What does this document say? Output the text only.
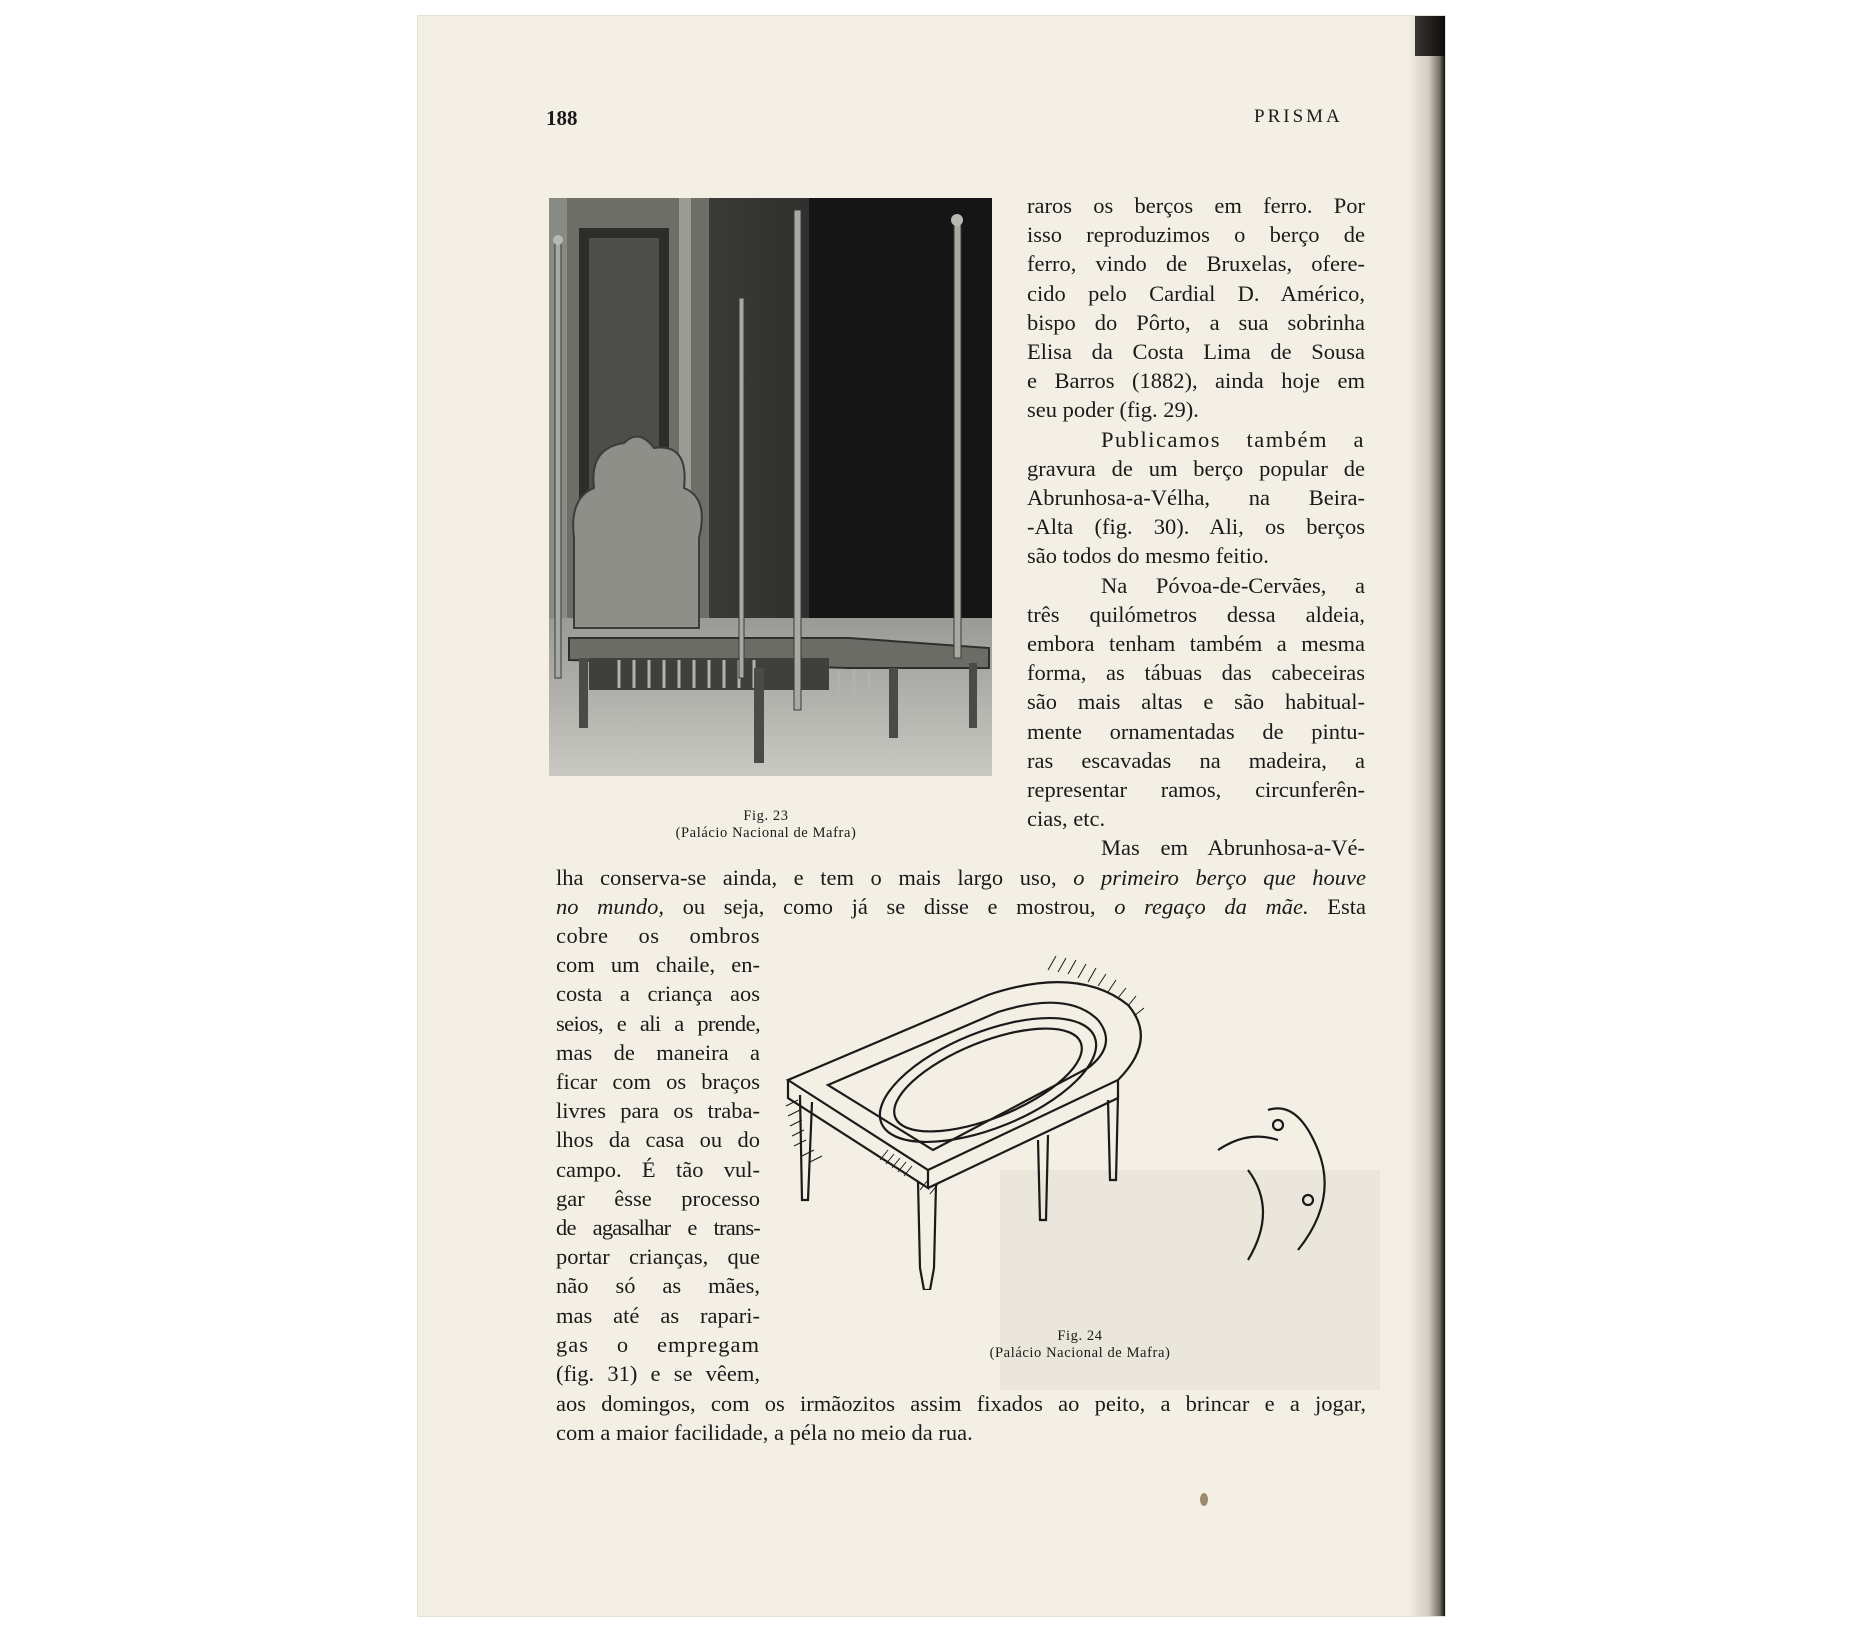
188	PRISMA
Fig. 23
(Palácio Nacional de Mafra)
raros os berços em ferro. Por
isso reproduzimos o berço de
ferro, vindo de Bruxelas, ofere-
cido pelo Cardial D. Américo,
bispo do Pôrto, a sua sobrinha
Elisa da Costa Lima de Sousa
e Barros (1882), ainda hoje em
seu poder (fig. 29).
Publicamos também a
gravura de um berço popular de
Abrunhosa-a-Vélha, na Beira-
-Alta (fig. 30). Ali, os berços
são todos do mesmo feitio.
Na Póvoa-de-Cervães, a
três quilómetros dessa aldeia,
embora tenham também a mesma
forma, as tábuas das cabeceiras
são mais altas e são habitual-
mente ornamentadas de pintu-
ras escavadas na madeira, a
representar ramos, circunferên-
cias, etc.
Mas em Abrunhosa-a-Vé-
lha conserva-se ainda, e tem o mais largo uso, o primeiro berço que houve
no mundo, ou seja, como já se disse e mostrou, o regaço da mãe. Esta
cobre os ombros
com um chaile, en-
costa a criança aos
seios, e ali a prende,
mas de maneira a
ficar com os braços
livres para os traba-
lhos da casa ou do
campo. É tão vul-
gar êsse processo
de agasalhar e trans-
portar crianças, que
não só as mães,
mas até as rapari-
gas o empregam
(fig. 31) e se vêem,
Fig. 24
(Palácio Nacional de Mafra)
aos domingos, com os irmãozitos assim fixados ao peito, a brincar e a jogar,
com a maior facilidade, a péla no meio da rua.
